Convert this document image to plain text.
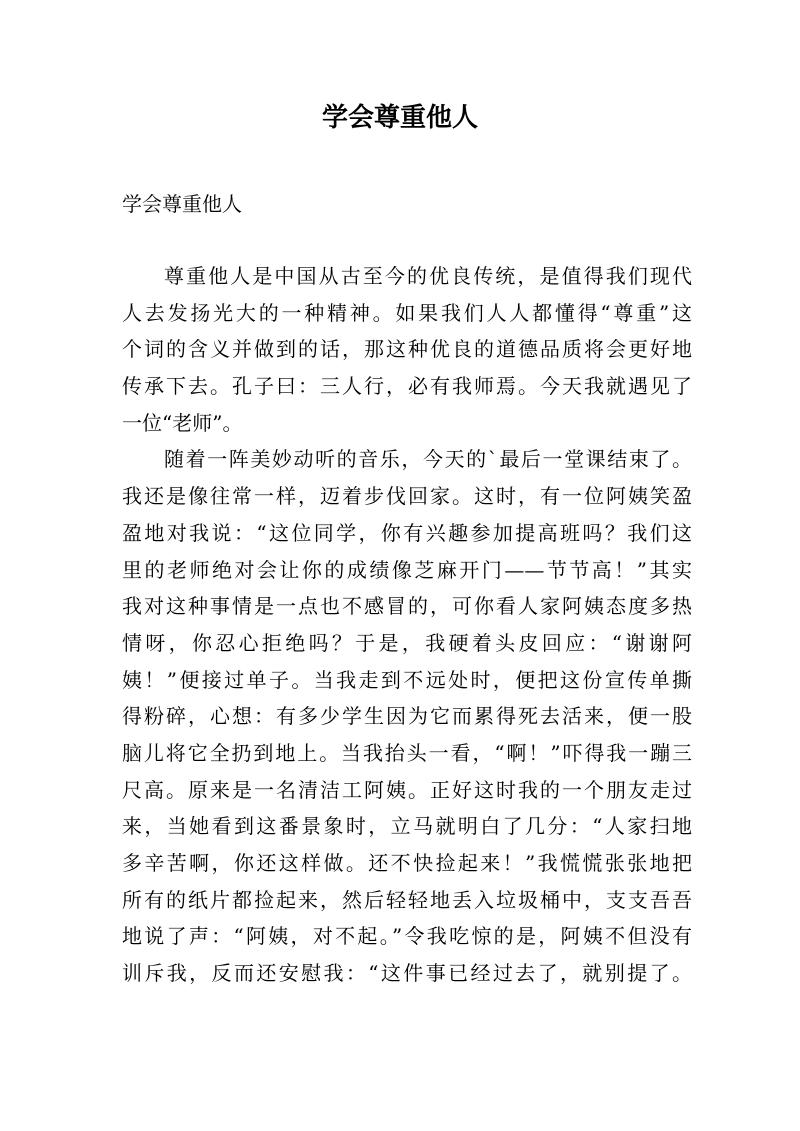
学会尊重他人

学会尊重他人

尊重他人是中国从古至今的优良传统，是值得我们现代
人去发扬光大的一种精神。如果我们人人都懂得“尊重”这
个词的含义并做到的话，那这种优良的道德品质将会更好地
传承下去。孔子曰：三人行，必有我师焉。今天我就遇见了
一位“老师”。
随着一阵美妙动听的音乐，今天的`最后一堂课结束了。
我还是像往常一样，迈着步伐回家。这时，有一位阿姨笑盈
盈地对我说：“这位同学，你有兴趣参加提高班吗？我们这
里的老师绝对会让你的成绩像芝麻开门——节节高！”其实
我对这种事情是一点也不感冒的，可你看人家阿姨态度多热
情呀，你忍心拒绝吗？于是，我硬着头皮回应：“谢谢阿
姨！”便接过单子。当我走到不远处时，便把这份宣传单撕
得粉碎，心想：有多少学生因为它而累得死去活来，便一股
脑儿将它全扔到地上。当我抬头一看，“啊！”吓得我一蹦三
尺高。原来是一名清洁工阿姨。正好这时我的一个朋友走过
来，当她看到这番景象时，立马就明白了几分：“人家扫地
多辛苦啊，你还这样做。还不快捡起来！”我慌慌张张地把
所有的纸片都捡起来，然后轻轻地丢入垃圾桶中，支支吾吾
地说了声：“阿姨，对不起。”令我吃惊的是，阿姨不但没有
训斥我，反而还安慰我：“这件事已经过去了，就别提了。
